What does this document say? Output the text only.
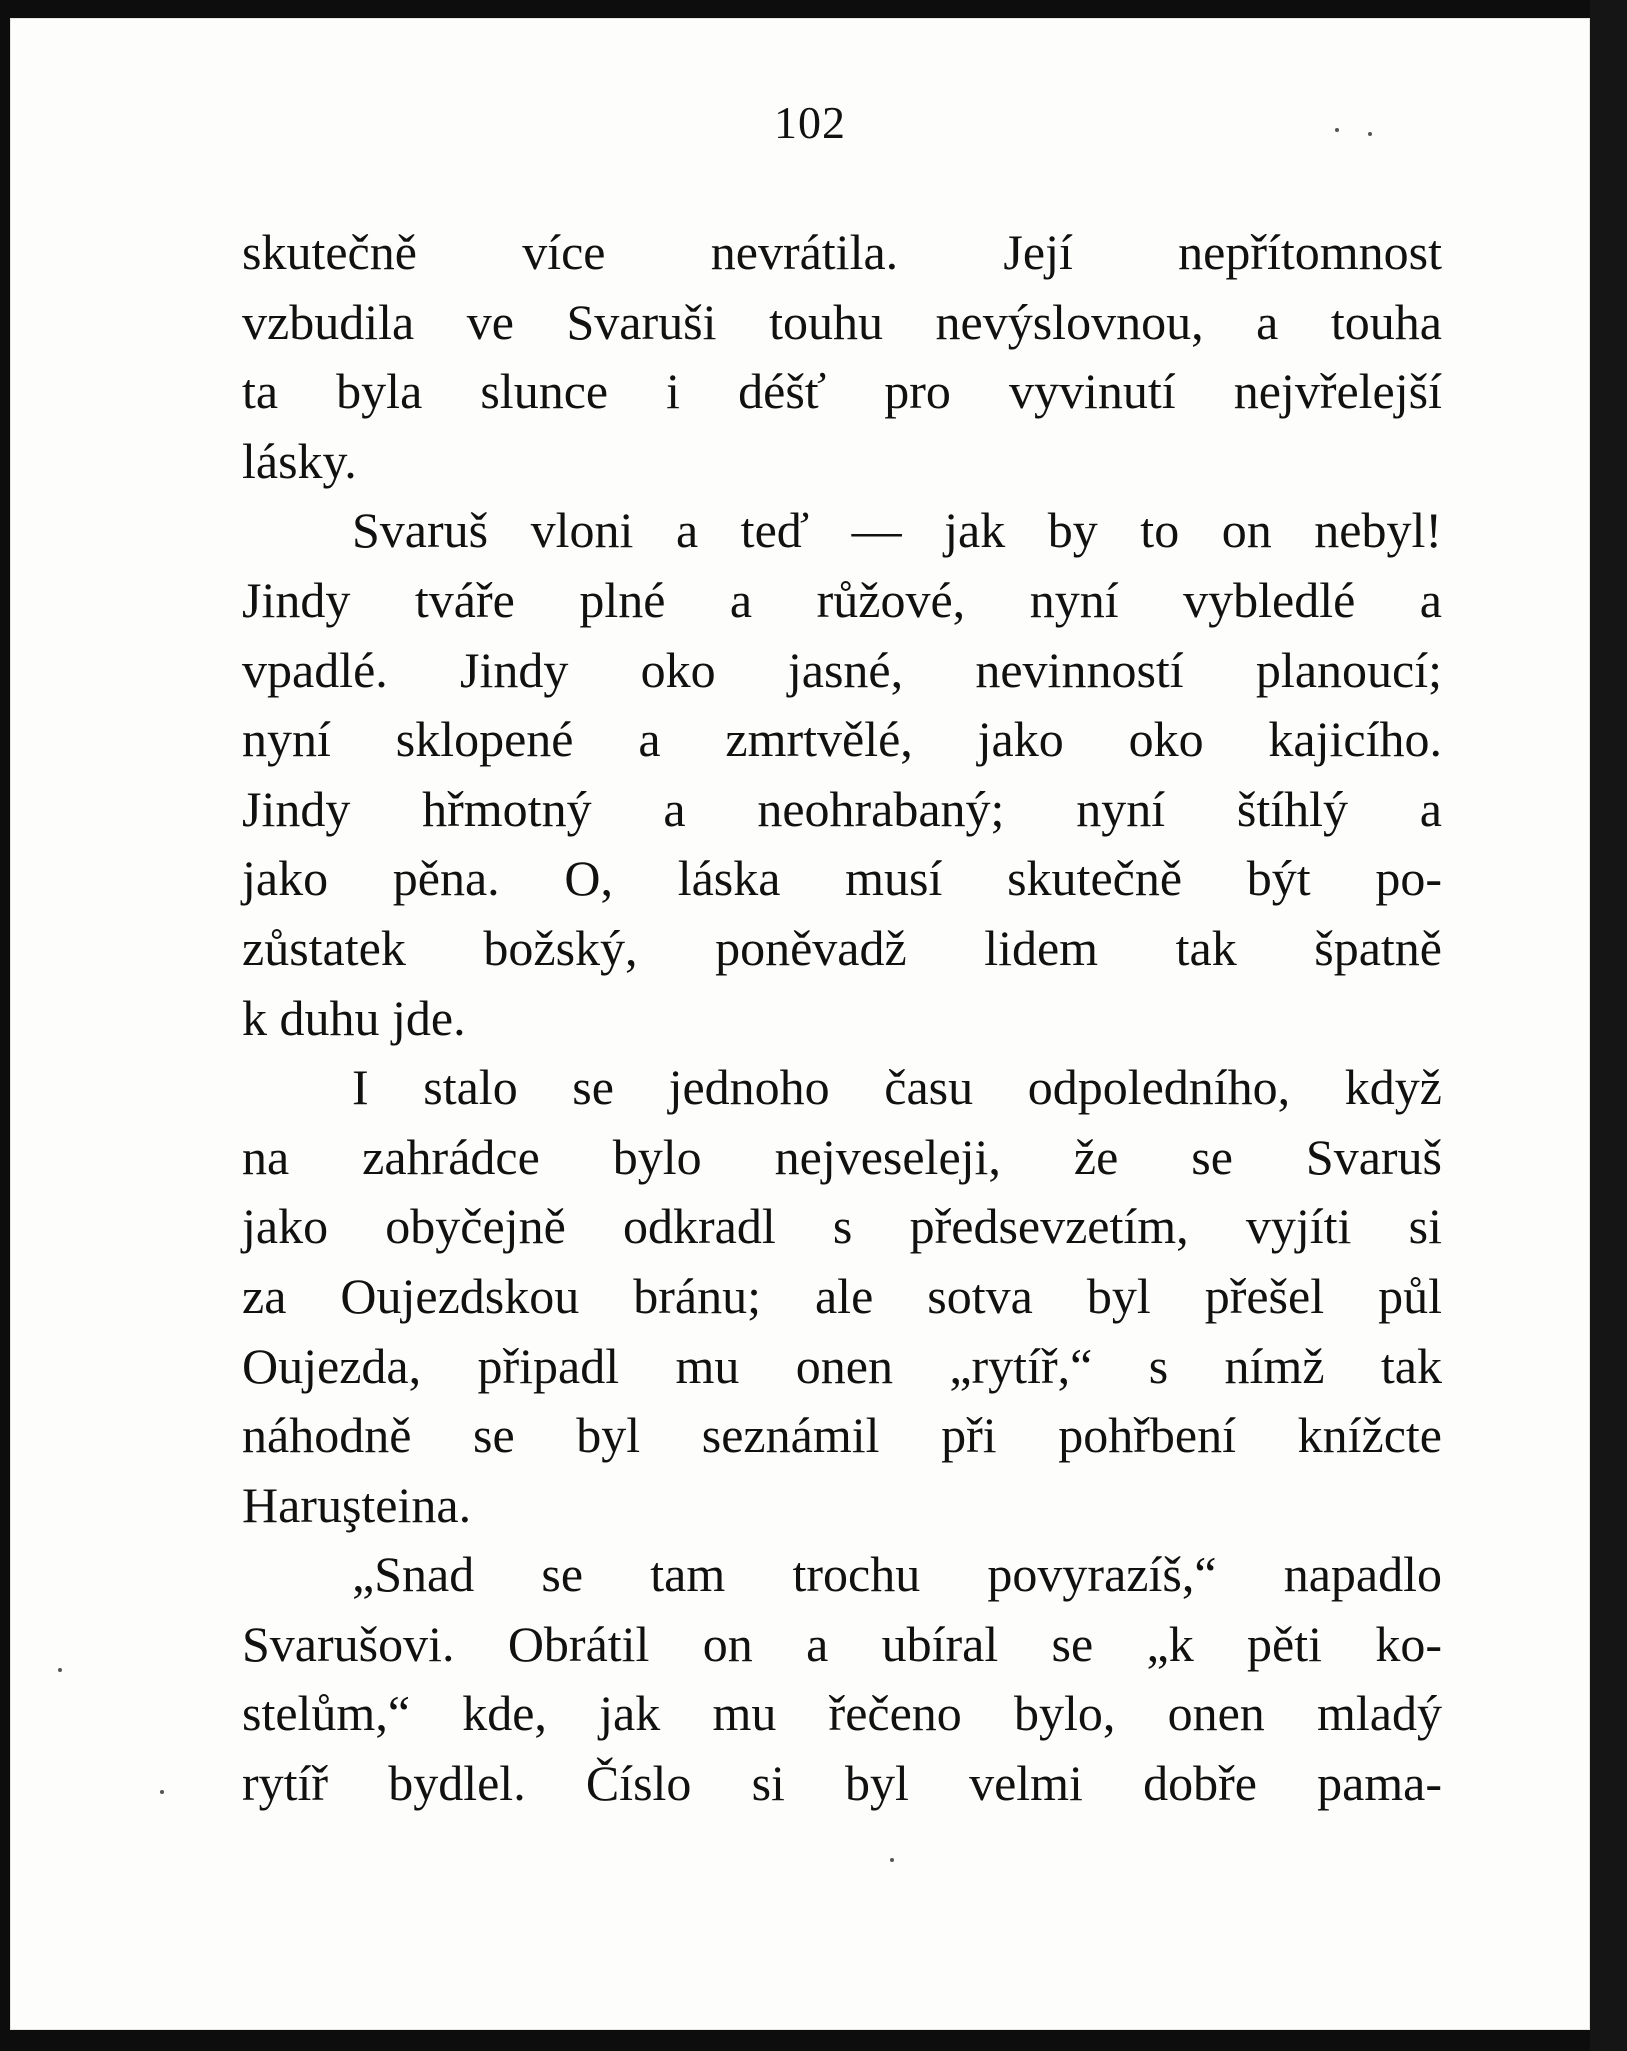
102
skutečně více nevrátila. Její nepřítomnost
vzbudila ve Svaruši touhu nevýslovnou, a touha
ta byla slunce i déšť pro vyvinutí nejvřelejší
lásky.
Svaruš vloni a teď — jak by to on nebyl!
Jindy tváře plné a růžové, nyní vybledlé a
vpadlé. Jindy oko jasné, nevinností planoucí;
nyní sklopené a zmrtvělé, jako oko kajicího.
Jindy hřmotný a neohrabaný; nyní štíhlý a
jako pěna. O, láska musí skutečně být po-
zůstatek božský, poněvadž lidem tak špatně
k duhu jde.
I stalo se jednoho času odpoledního, když
na zahrádce bylo nejveseleji, že se Svaruš
jako obyčejně odkradl s předsevzetím, vyjíti si
za Oujezdskou bránu; ale sotva byl přešel půl
Oujezda, připadl mu onen „rytíř,“ s nímž tak
náhodně se byl seznámil při pohřbení knížcte
Haruşteina.
„Snad se tam trochu povyrazíš,“ napadlo
Svarušovi. Obrátil on a ubíral se „k pěti ko-
stelům,“ kde, jak mu řečeno bylo, onen mladý
rytíř bydlel. Číslo si byl velmi dobře pama-
